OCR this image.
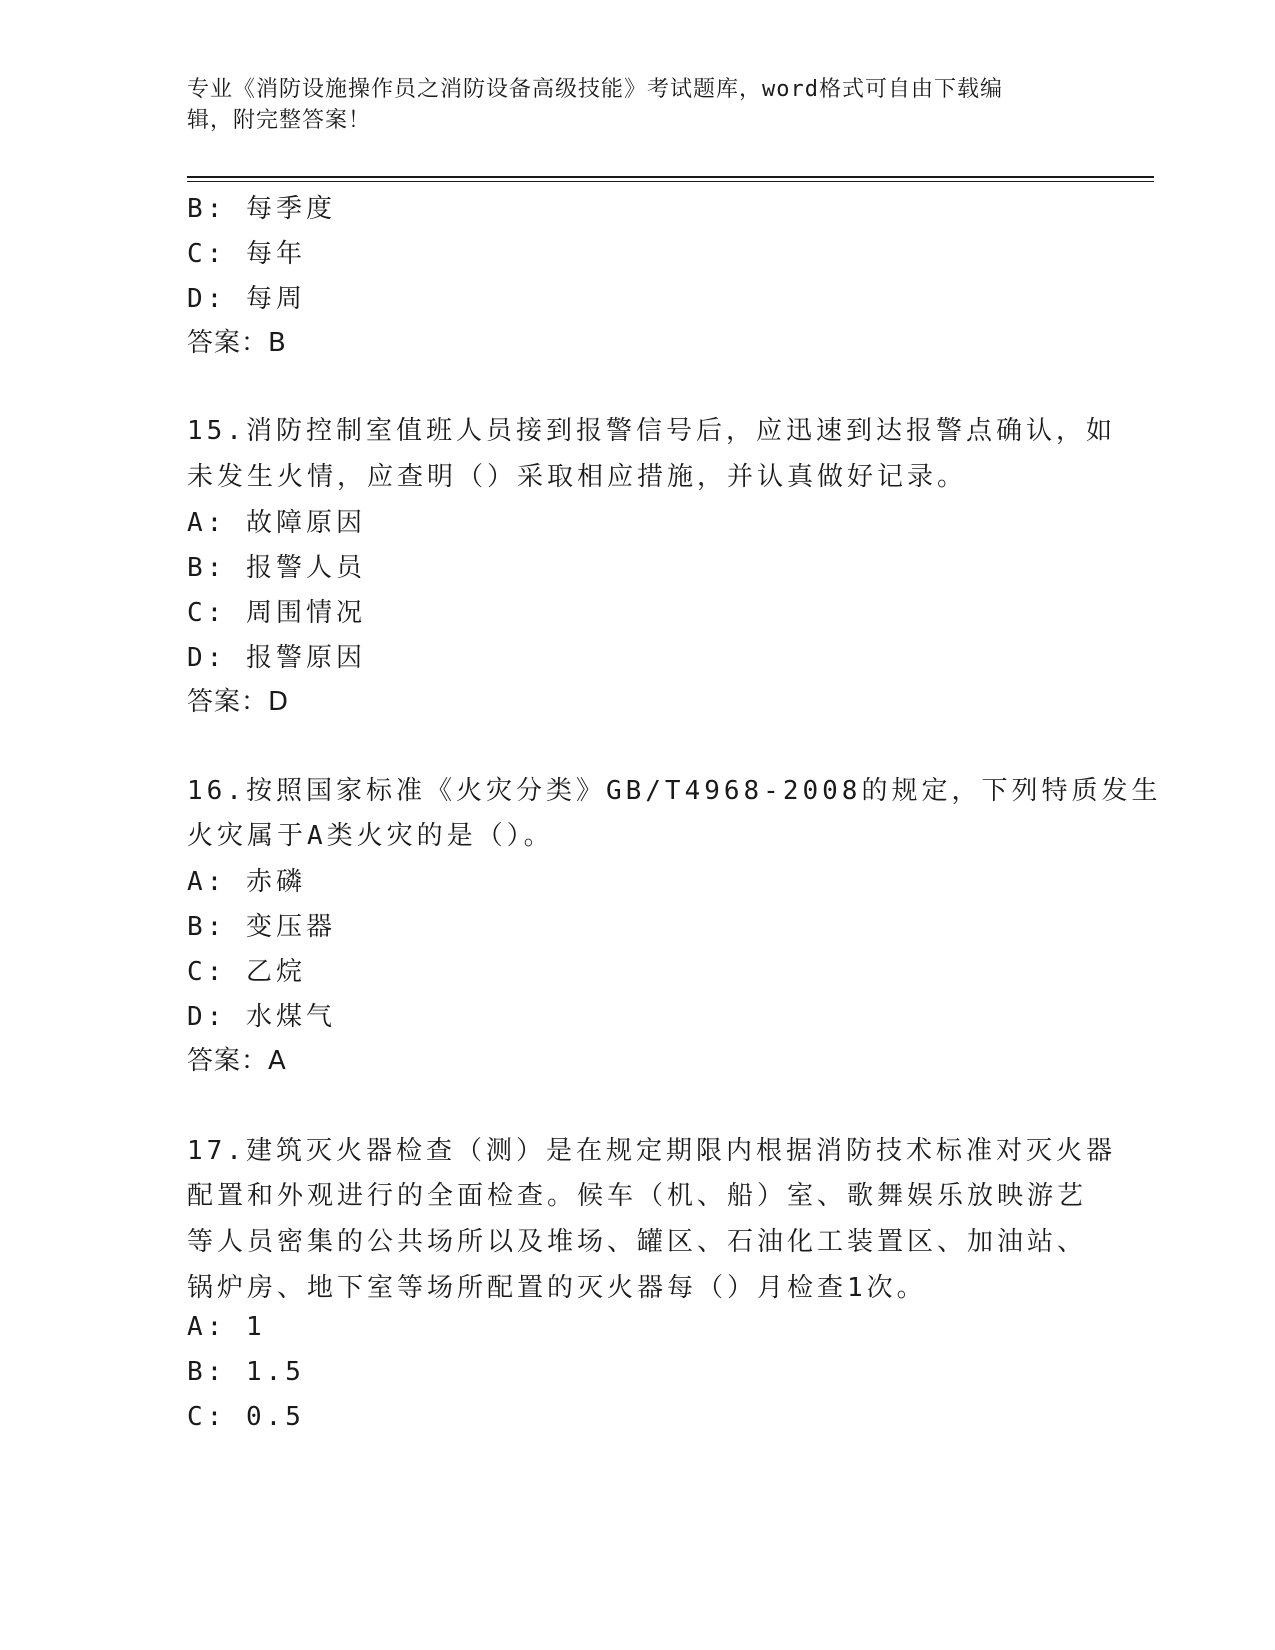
专业《消防设施操作员之消防设备高级技能》考试题库，word格式可自由下载编
辑，附完整答案！
B: 每季度
C: 每年
D: 每周
答案：B
15.消防控制室值班人员接到报警信号后，应迅速到达报警点确认，如
未发生火情，应查明（）采取相应措施，并认真做好记录。
A: 故障原因
B: 报警人员
C: 周围情况
D: 报警原因
答案：D
16.按照国家标准《火灾分类》GB/T4968-2008的规定，下列特质发生
火灾属于A类火灾的是（）。
A: 赤磷
B: 变压器
C: 乙烷
D: 水煤气
答案：A
17.建筑灭火器检查（测）是在规定期限内根据消防技术标准对灭火器
配置和外观进行的全面检查。候车（机、船）室、歌舞娱乐放映游艺
等人员密集的公共场所以及堆场、罐区、石油化工装置区、加油站、
锅炉房、地下室等场所配置的灭火器每（）月检查1次。
A: 1
B: 1.5
C: 0.5
